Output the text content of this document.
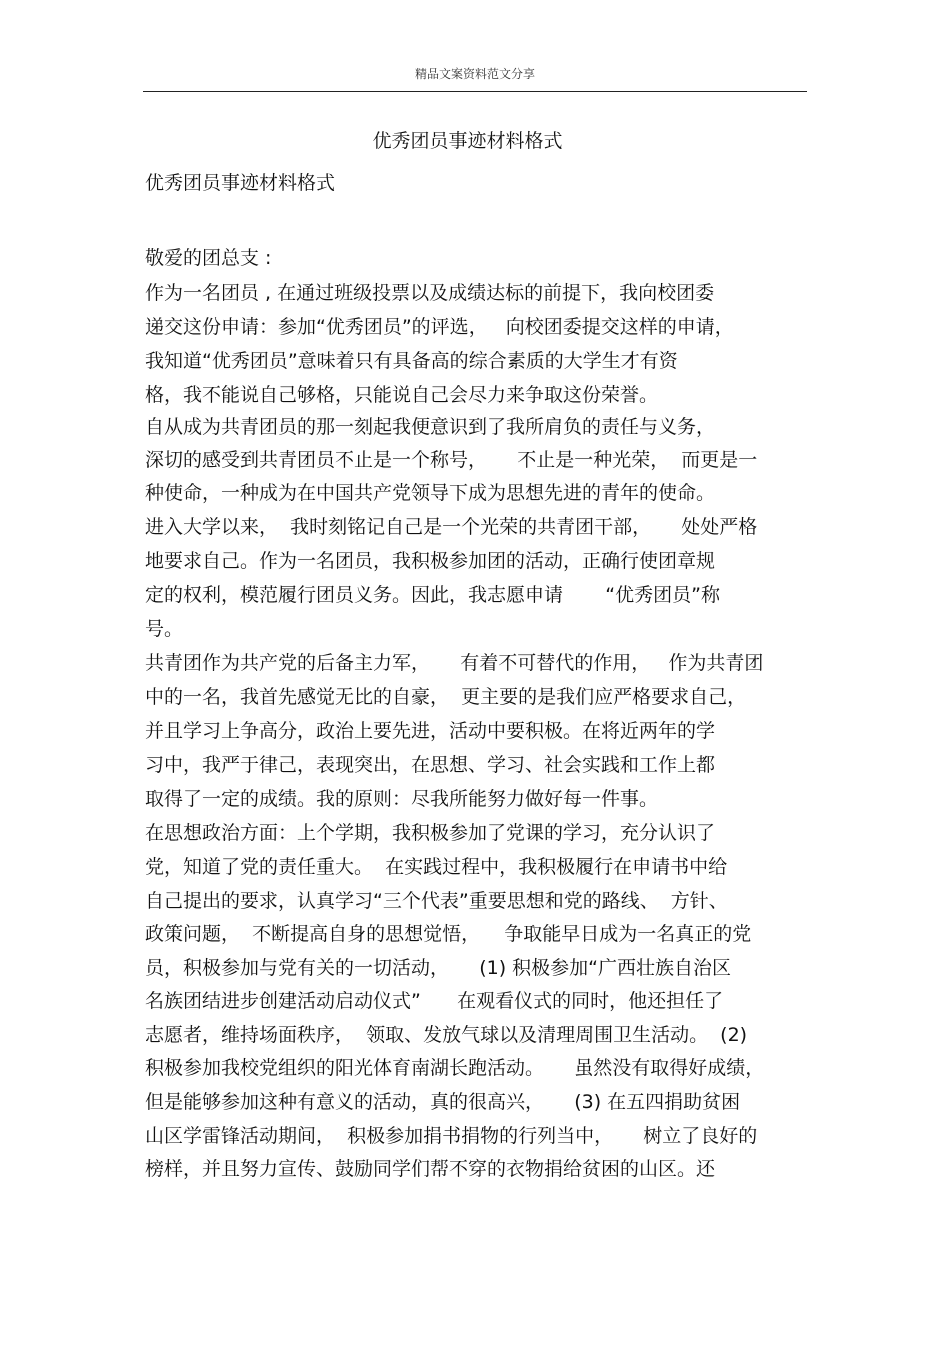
精品文案资料范文分享
优秀团员事迹材料格式
优秀团员事迹材料格式
敬爱的团总支 :
作为一名团员 , 在通过班级投票以及成绩达标的前提下，我向校团委
递交这份申请：参加“优秀团员”的评选，   向校团委提交这样的申请，
我知道“优秀团员”意味着只有具备高的综合素质的大学生才有资
格，我不能说自己够格，只能说自己会尽力来争取这份荣誉。
自从成为共青团员的那一刻起我便意识到了我所肩负的责任与义务，
深切的感受到共青团员不止是一个称号，     不止是一种光荣，  而更是一
种使命，一种成为在中国共产党领导下成为思想先进的青年的使命。
进入大学以来，  我时刻铭记自己是一个光荣的共青团干部，     处处严格
地要求自己。作为一名团员，我积极参加团的活动，正确行使团章规
定的权利，模范履行团员义务。因此，我志愿申请       “优秀团员”称
号。
共青团作为共产党的后备主力军，     有着不可替代的作用，   作为共青团
中的一名，我首先感觉无比的自豪，  更主要的是我们应严格要求自己，
并且学习上争高分，政治上要先进，活动中要积极。在将近两年的学
习中，我严于律己，表现突出，在思想、学习、社会实践和工作上都
取得了一定的成绩。我的原则：尽我所能努力做好每一件事。
在思想政治方面：上个学期，我积极参加了党课的学习，充分认识了
党，知道了党的责任重大。  在实践过程中，我积极履行在申请书中给
自己提出的要求，认真学习“三个代表”重要思想和党的路线、  方针、
政策问题，  不断提高自身的思想觉悟，    争取能早日成为一名真正的党
员，积极参加与党有关的一切活动，     (1) 积极参加“广西壮族自治区
名族团结进步创建活动启动仪式”      在观看仪式的同时，他还担任了
志愿者，维持场面秩序，  领取、发放气球以及清理周围卫生活动。  (2)
积极参加我校党组织的阳光体育南湖长跑活动。     虽然没有取得好成绩，
但是能够参加这种有意义的活动，真的很高兴，     (3) 在五四捐助贫困
山区学雷锋活动期间，  积极参加捐书捐物的行列当中，     树立了良好的
榜样，并且努力宣传、鼓励同学们帮不穿的衣物捐给贫困的山区。还
